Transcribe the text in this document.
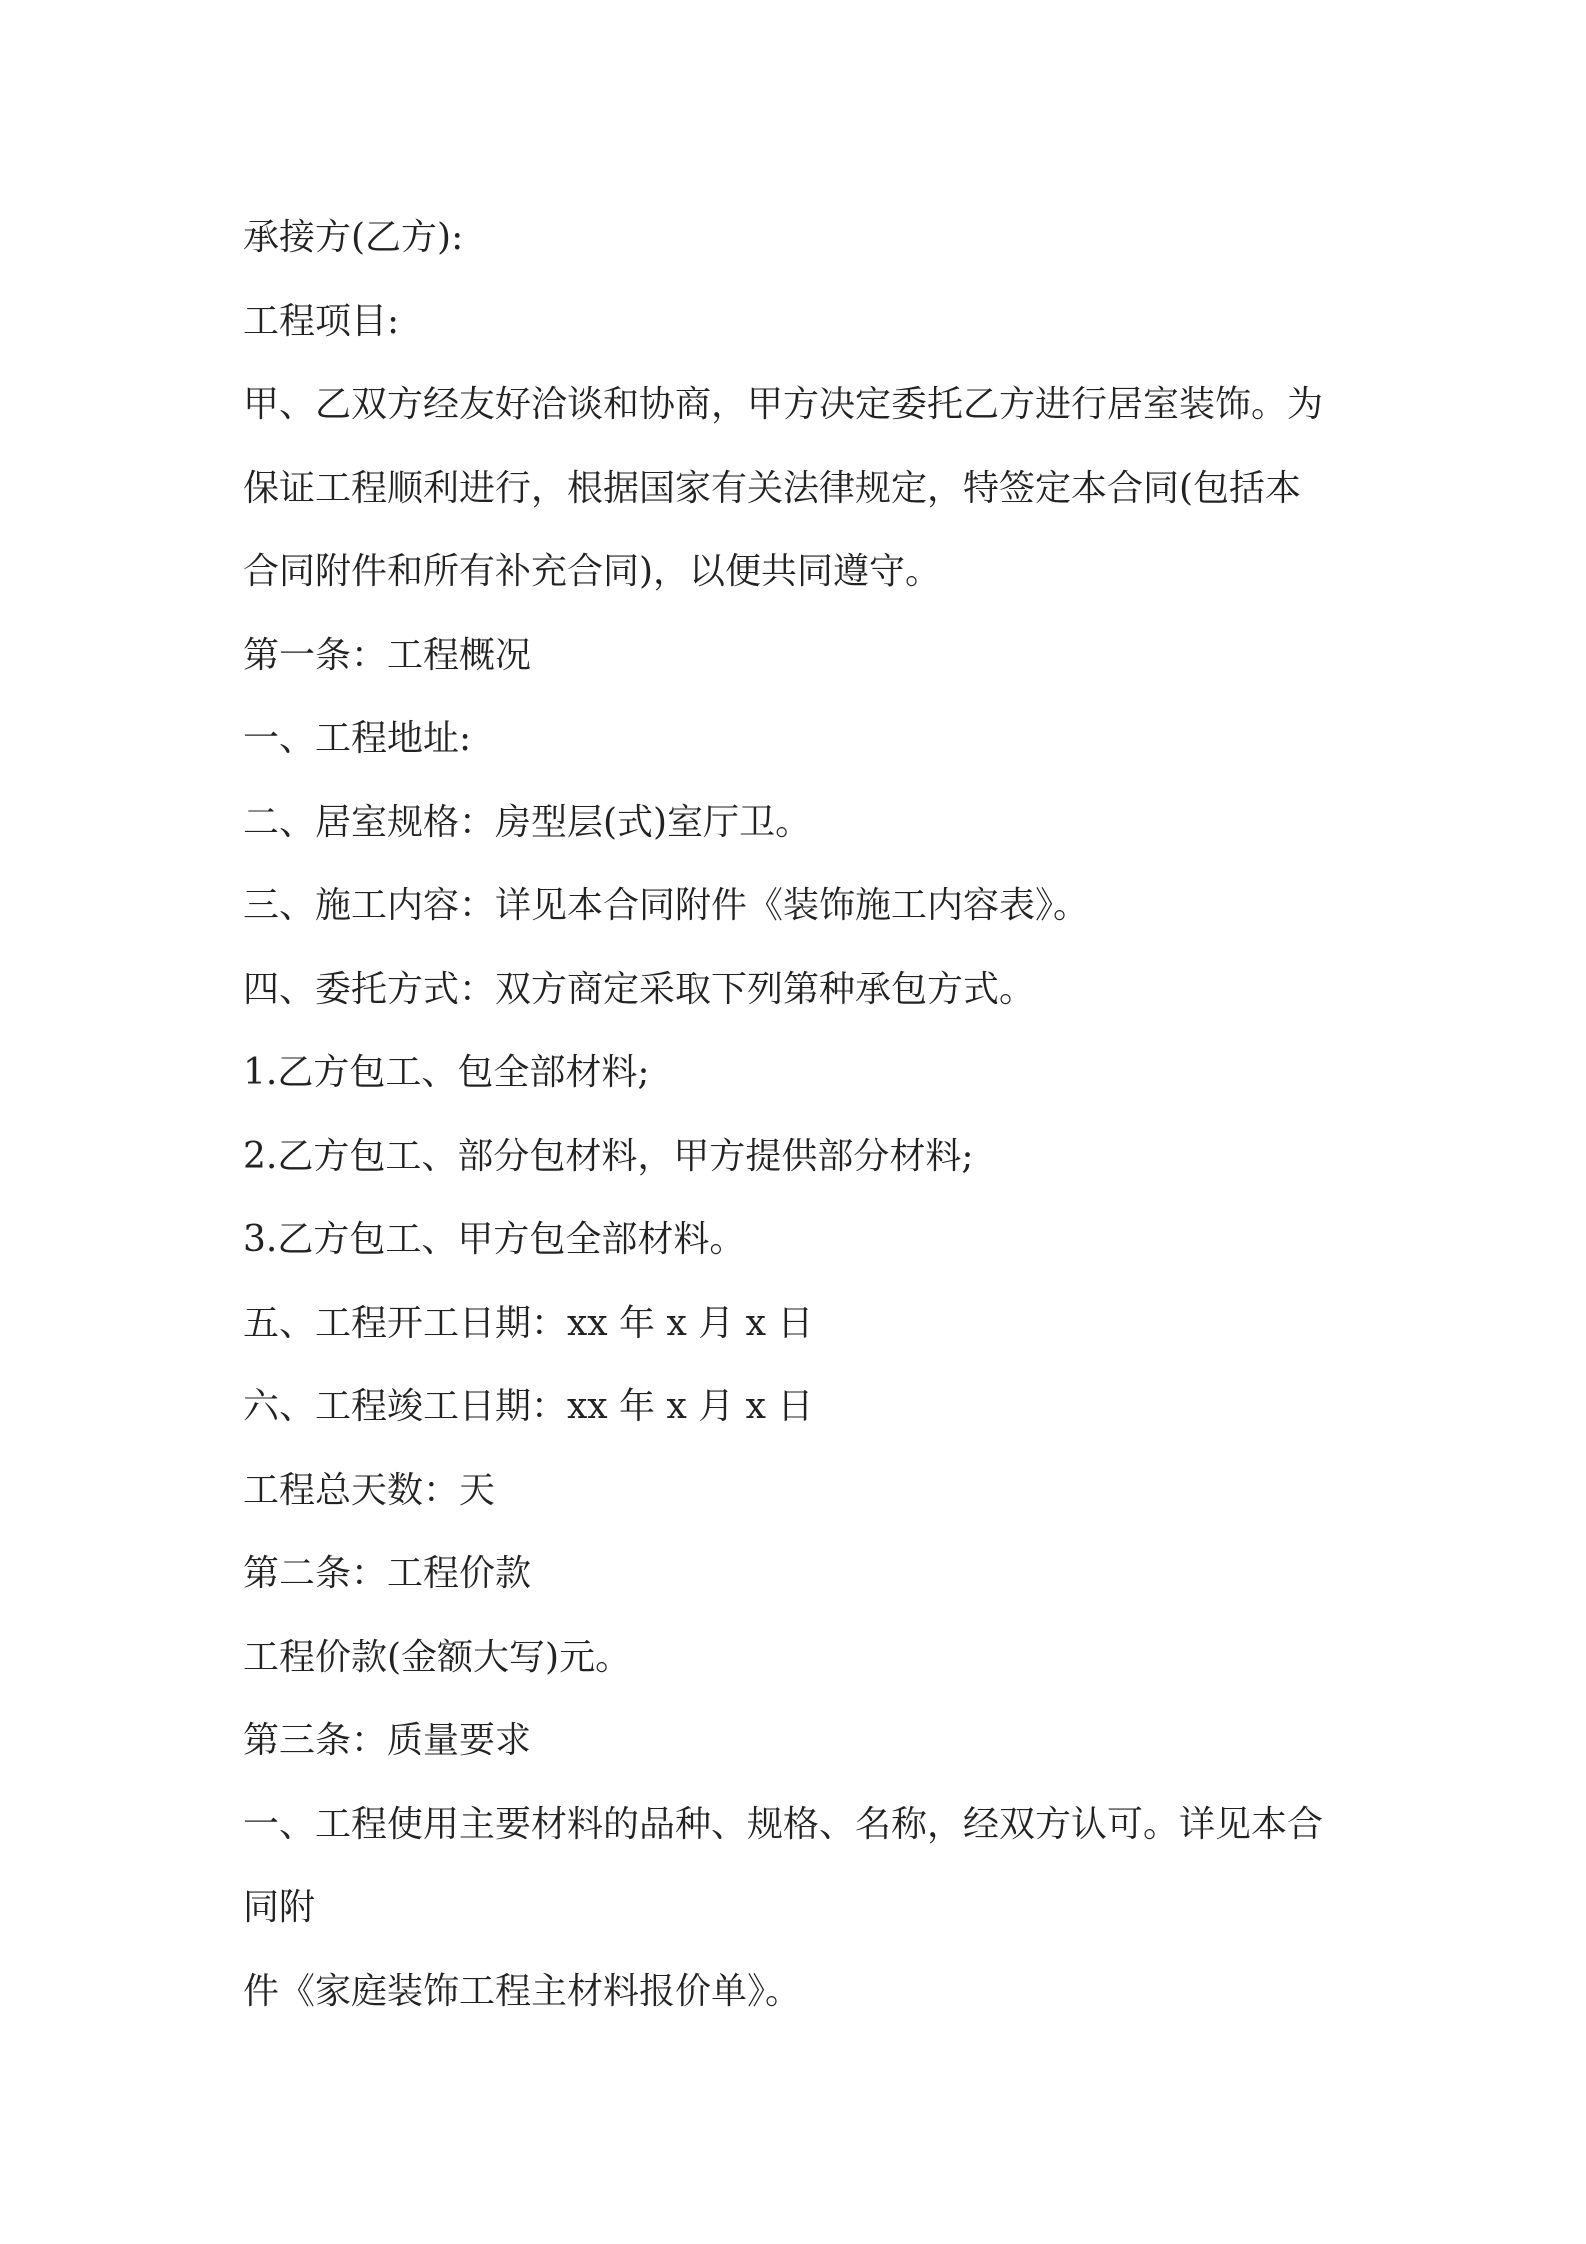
承接方(乙方):

工程项目:

甲、乙双方经友好洽谈和协商，甲方决定委托乙方进行居室装饰。为

保证工程顺利进行，根据国家有关法律规定，特签定本合同(包括本

合同附件和所有补充合同)，以便共同遵守。

第一条：工程概况

一、工程地址:

二、居室规格：房型层(式)室厅卫。

三、施工内容：详见本合同附件《装饰施工内容表》。

四、委托方式：双方商定采取下列第种承包方式。

1.乙方包工、包全部材料;

2.乙方包工、部分包材料，甲方提供部分材料;

3.乙方包工、甲方包全部材料。

五、工程开工日期：xx 年 x 月 x 日

六、工程竣工日期：xx 年 x 月 x 日

工程总天数：天

第二条：工程价款

工程价款(金额大写)元。

第三条：质量要求

一、工程使用主要材料的品种、规格、名称，经双方认可。详见本合

同附

件《家庭装饰工程主材料报价单》。
